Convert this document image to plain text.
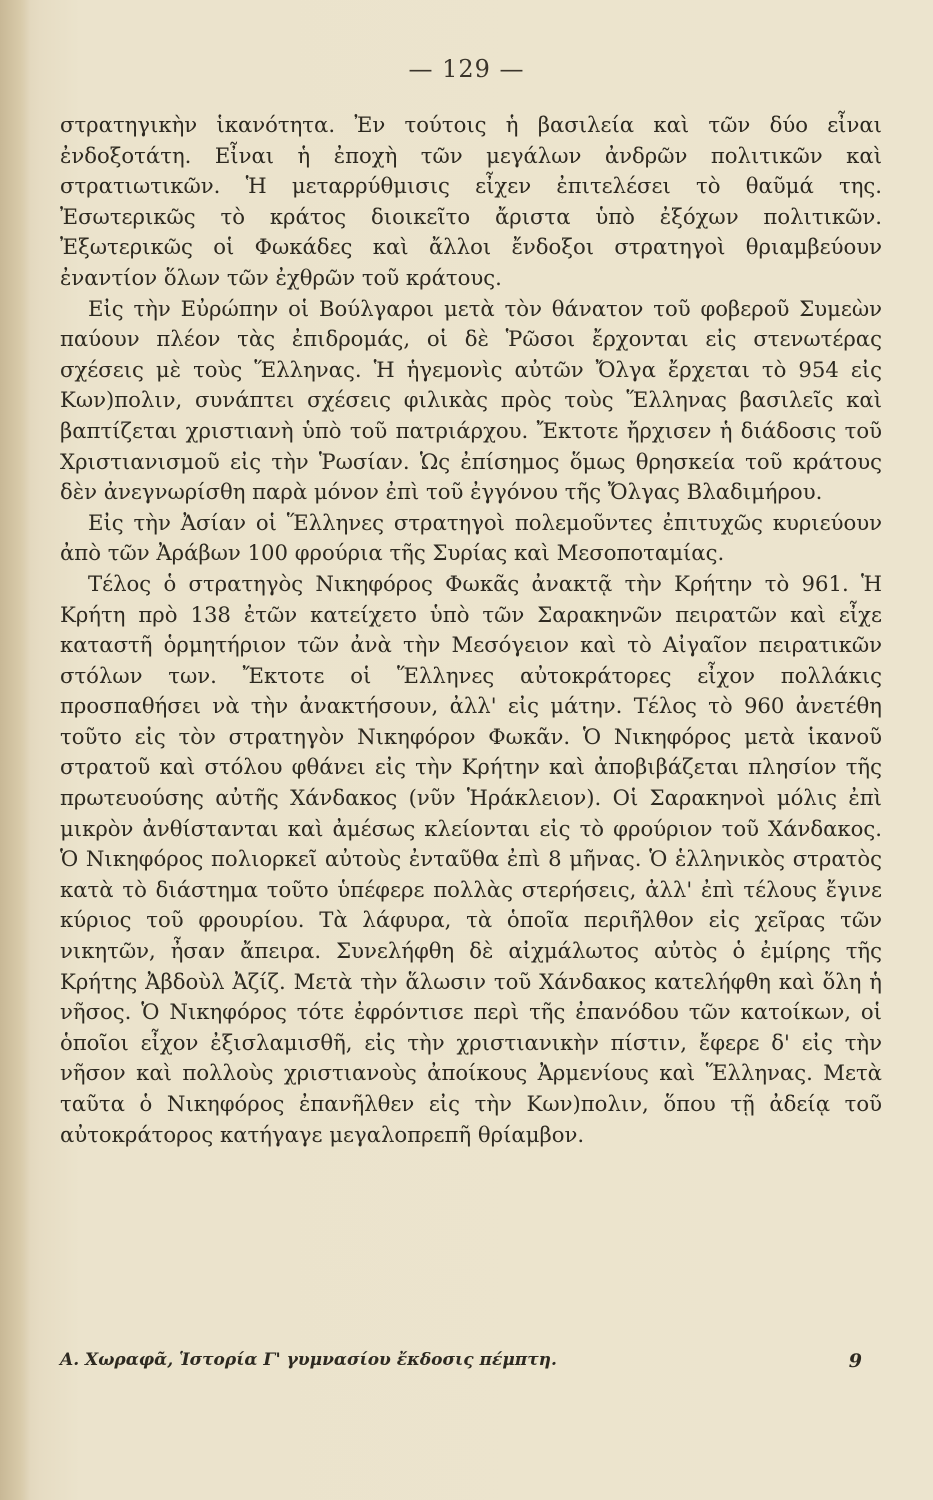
— 129 —

στρατηγικὴν ἱκανότητα. Ἐν τούτοις ἡ βασιλεία καὶ τῶν δύο εἶναι ἐνδοξοτάτη. Εἶναι ἡ ἐποχὴ τῶν μεγάλων ἀνδρῶν πολιτικῶν καὶ στρατιωτικῶν. Ἡ μεταρρύθμισις εἶχεν ἐπιτελέσει τὸ θαῦμά της. Ἐσωτερικῶς τὸ κράτος διοικεῖτο ἄριστα ὑπὸ ἐξόχων πολιτικῶν. Ἐξωτερικῶς οἱ Φωκάδες καὶ ἄλλοι ἔνδοξοι στρατηγοὶ θριαμβεύουν ἐναντίον ὅλων τῶν ἐχθρῶν τοῦ κράτους.

Εἰς τὴν Εὐρώπην οἱ Βούλγαροι μετὰ τὸν θάνατον τοῦ φοβεροῦ Συμεὼν παύουν πλέον τὰς ἐπιδρομάς, οἱ δὲ Ῥῶσοι ἔρχονται εἰς στενωτέρας σχέσεις μὲ τοὺς Ἕλληνας. Ἡ ἡγεμονὶς αὐτῶν Ὄλγα ἔρχεται τὸ 954 εἰς Κων)πολιν, συνάπτει σχέσεις φιλικὰς πρὸς τοὺς Ἕλληνας βασιλεῖς καὶ βαπτίζεται χριστιανὴ ὑπὸ τοῦ πατριάρχου. Ἔκτοτε ἤρχισεν ἡ διάδοσις τοῦ Χριστιανισμοῦ εἰς τὴν Ῥωσίαν. Ὡς ἐπίσημος ὅμως θρησκεία τοῦ κράτους δὲν ἀνεγνωρίσθη παρὰ μόνον ἐπὶ τοῦ ἐγγόνου τῆς Ὄλγας Βλαδιμήρου.

Εἰς τὴν Ἀσίαν οἱ Ἕλληνες στρατηγοὶ πολεμοῦντες ἐπιτυχῶς κυριεύουν ἀπὸ τῶν Ἀράβων 100 φρούρια τῆς Συρίας καὶ Μεσοποταμίας.

Τέλος ὁ στρατηγὸς Νικηφόρος Φωκᾶς ἀνακτᾷ τὴν Κρήτην τὸ 961. Ἡ Κρήτη πρὸ 138 ἐτῶν κατείχετο ὑπὸ τῶν Σαρακηνῶν πειρατῶν καὶ εἶχε καταστῆ ὁρμητήριον τῶν ἀνὰ τὴν Μεσόγειον καὶ τὸ Αἰγαῖον πειρατικῶν στόλων των. Ἔκτοτε οἱ Ἕλληνες αὐτοκράτορες εἶχον πολλάκις προσπαθήσει νὰ τὴν ἀνακτήσουν, ἀλλ' εἰς μάτην. Τέλος τὸ 960 ἀνετέθη τοῦτο εἰς τὸν στρατηγὸν Νικηφόρον Φωκᾶν. Ὁ Νικηφόρος μετὰ ἱκανοῦ στρατοῦ καὶ στόλου φθάνει εἰς τὴν Κρήτην καὶ ἀποβιβάζεται πλησίον τῆς πρωτευούσης αὐτῆς Χάνδακος (νῦν Ἡράκλειον). Οἱ Σαρακηνοὶ μόλις ἐπὶ μικρὸν ἀνθίστανται καὶ ἀμέσως κλείονται εἰς τὸ φρούριον τοῦ Χάνδακος. Ὁ Νικηφόρος πολιορκεῖ αὐτοὺς ἐνταῦθα ἐπὶ 8 μῆνας. Ὁ ἑλληνικὸς στρατὸς κατὰ τὸ διάστημα τοῦτο ὑπέφερε πολλὰς στερήσεις, ἀλλ' ἐπὶ τέλους ἔγινε κύριος τοῦ φρουρίου. Τὰ λάφυρα, τὰ ὁποῖα περιῆλθον εἰς χεῖρας τῶν νικητῶν, ἦσαν ἄπειρα. Συνελήφθη δὲ αἰχμάλωτος αὐτὸς ὁ ἐμίρης τῆς Κρήτης Ἀβδοὺλ Ἀζίζ. Μετὰ τὴν ἅλωσιν τοῦ Χάνδακος κατελήφθη καὶ ὅλη ἡ νῆσος. Ὁ Νικηφόρος τότε ἐφρόντισε περὶ τῆς ἐπανόδου τῶν κατοίκων, οἱ ὁποῖοι εἶχον ἐξισλαμισθῆ, εἰς τὴν χριστιανικὴν πίστιν, ἔφερε δ' εἰς τὴν νῆσον καὶ πολλοὺς χριστιανοὺς ἀποίκους Ἀρμενίους καὶ Ἕλληνας. Μετὰ ταῦτα ὁ Νικηφόρος ἐπανῆλθεν εἰς τὴν Κων)πολιν, ὅπου τῇ ἀδείᾳ τοῦ αὐτοκράτορος κατήγαγε μεγαλοπρεπῆ θρίαμβον.

Α. Χωραφᾶ, Ἱστορία Γ' γυμνασίου ἔκδοσις πέμπτη.	9
